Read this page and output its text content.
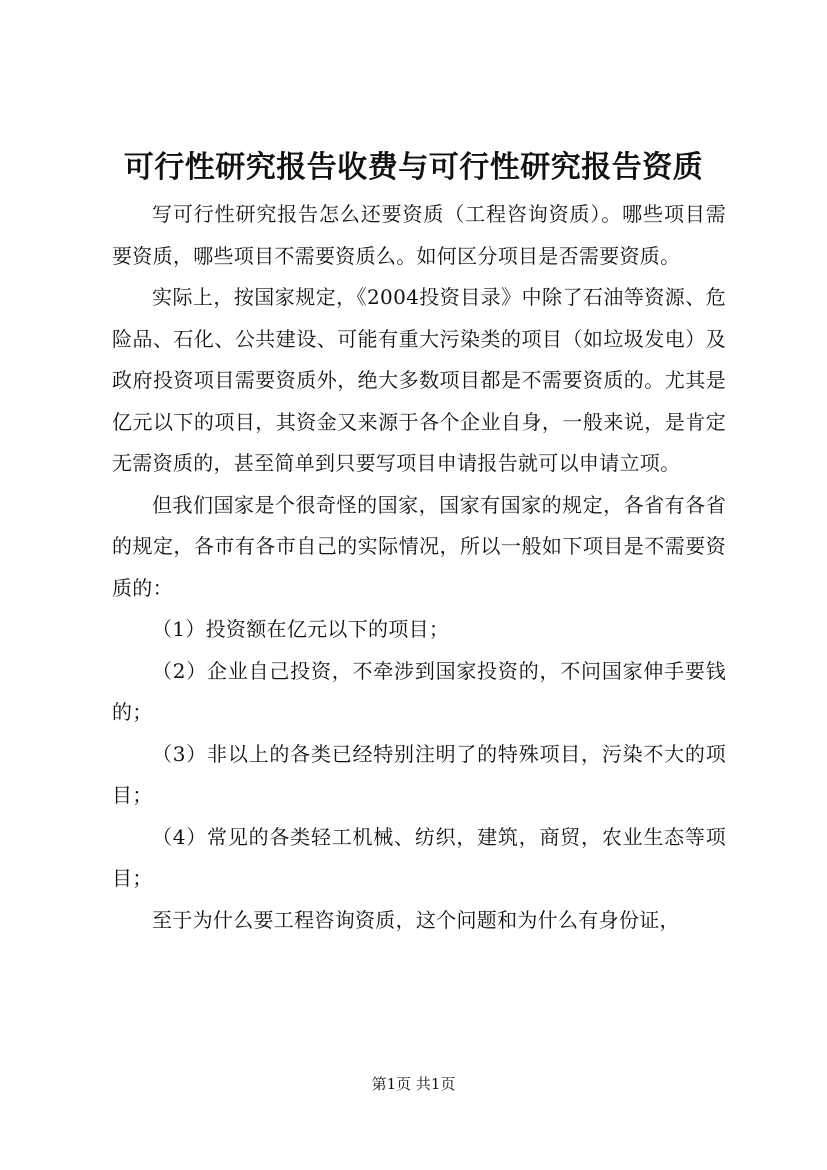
可行性研究报告收费与可行性研究报告资质

写可行性研究报告怎么还要资质（工程咨询资质）。哪些项目需要资质，哪些项目不需要资质么。如何区分项目是否需要资质。

实际上，按国家规定，《2004投资目录》中除了石油等资源、危险品、石化、公共建设、可能有重大污染类的项目（如垃圾发电）及政府投资项目需要资质外，绝大多数项目都是不需要资质的。尤其是亿元以下的项目，其资金又来源于各个企业自身，一般来说，是肯定无需资质的，甚至简单到只要写项目申请报告就可以申请立项。

但我们国家是个很奇怪的国家，国家有国家的规定，各省有各省的规定，各市有各市自己的实际情况，所以一般如下项目是不需要资质的：

（1）投资额在亿元以下的项目；

（2）企业自己投资，不牵涉到国家投资的，不问国家伸手要钱的；

（3）非以上的各类已经特别注明了的特殊项目，污染不大的项目；

（4）常见的各类轻工机械、纺织，建筑，商贸，农业生态等项目；

至于为什么要工程咨询资质，这个问题和为什么有身份证，

第1页 共1页
